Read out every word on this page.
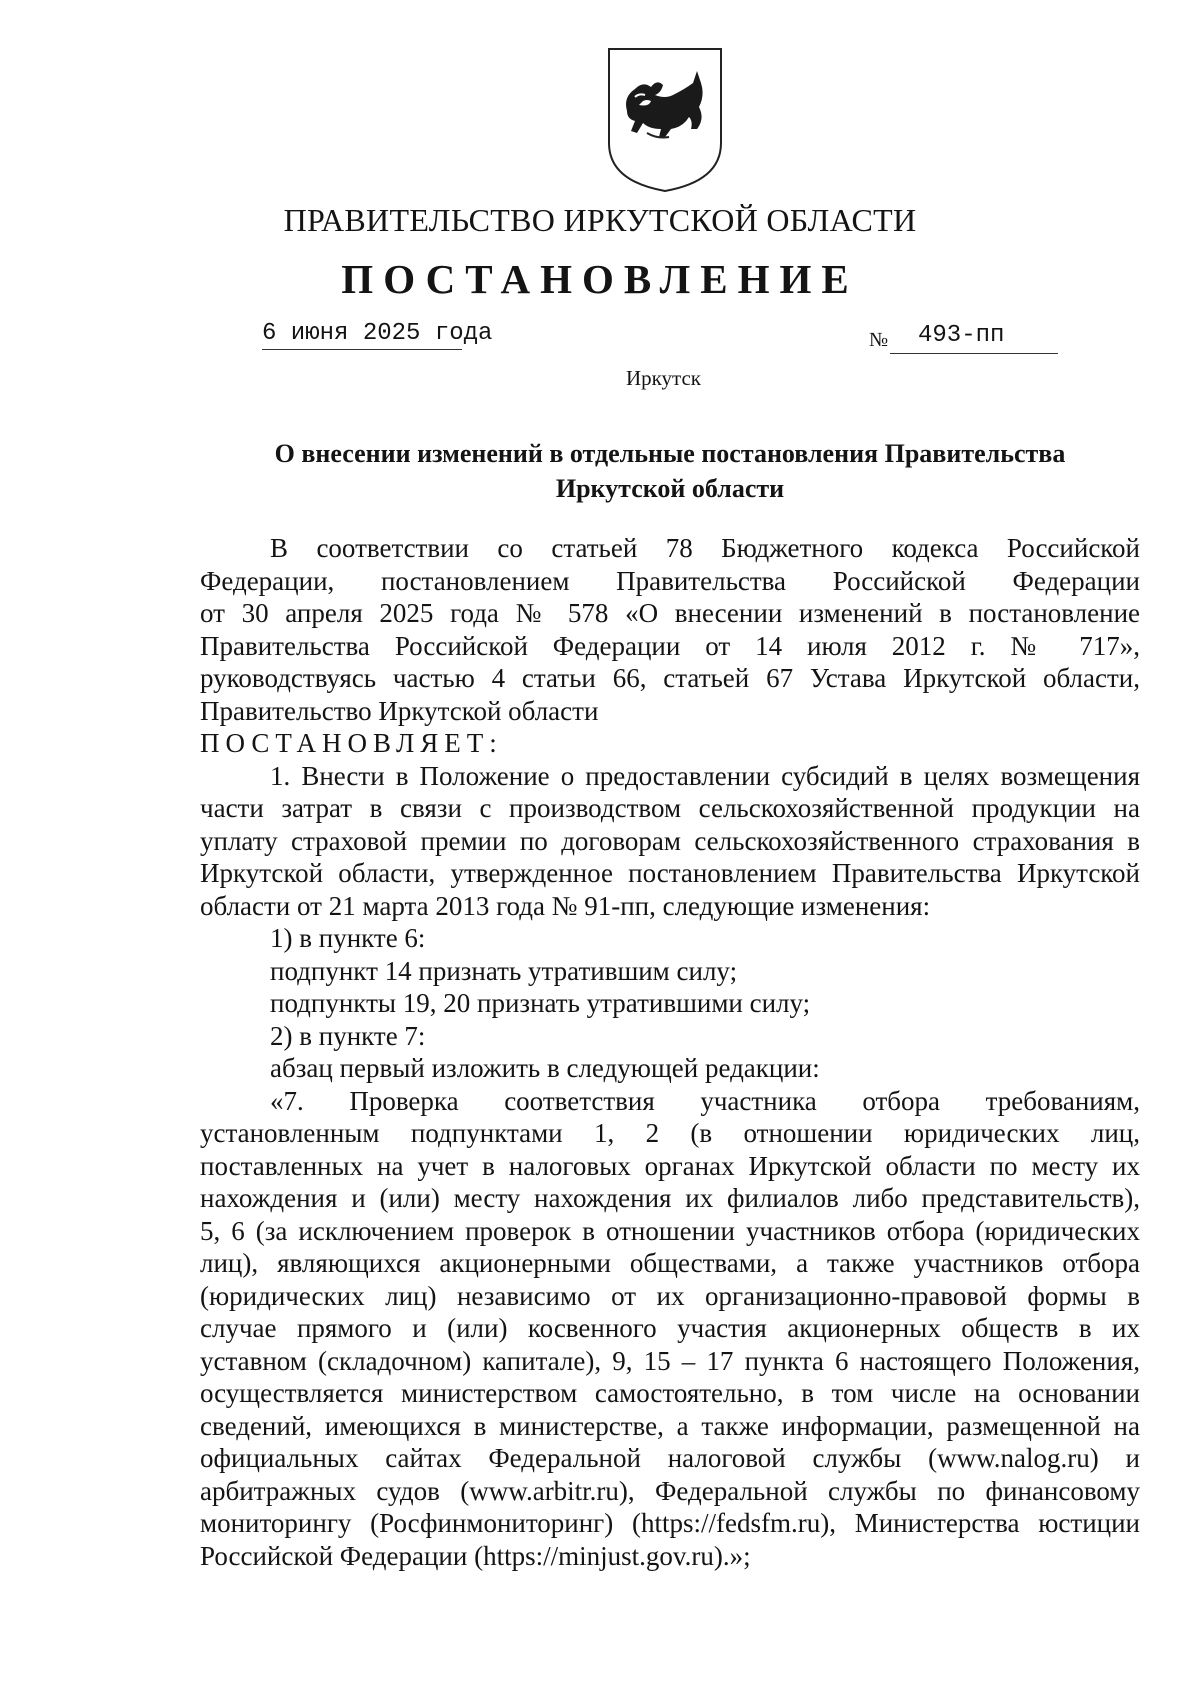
ПРАВИТЕЛЬСТВО ИРКУТСКОЙ ОБЛАСТИ
ПОСТАНОВЛЕНИЕ
6 июня 2025 года	№ 493-пп
Иркутск
О внесении изменений в отдельные постановления Правительства
Иркутской области

В соответствии со статьей 78 Бюджетного кодекса Российской

Федерации, постановлением Правительства Российской Федерации

от 30 апреля 2025 года № 578 «О внесении изменений в постановление

Правительства Российской Федерации от 14 июля 2012 г. № 717»,

руководствуясь частью 4 статьи 66, статьей 67 Устава Иркутской области,

Правительство Иркутской области

ПОСТАНОВЛЯЕТ:

1. Внести в Положение о предоставлении субсидий в целях возмещения

части затрат в связи с производством сельскохозяйственной продукции на

уплату страховой премии по договорам сельскохозяйственного страхования в

Иркутской области, утвержденное постановлением Правительства Иркутской

области от 21 марта 2013 года № 91-пп, следующие изменения:

1) в пункте 6:

подпункт 14 признать утратившим силу;

подпункты 19, 20 признать утратившими силу;

2) в пункте 7:

абзац первый изложить в следующей редакции:

«7. Проверка соответствия участника отбора требованиям,

установленным подпунктами 1, 2 (в отношении юридических лиц,

поставленных на учет в налоговых органах Иркутской области по месту их

нахождения и (или) месту нахождения их филиалов либо представительств),

5, 6 (за исключением проверок в отношении участников отбора (юридических

лиц), являющихся акционерными обществами, а также участников отбора

(юридических лиц) независимо от их организационно-правовой формы в

случае прямого и (или) косвенного участия акционерных обществ в их

уставном (складочном) капитале), 9, 15 – 17 пункта 6 настоящего Положения,

осуществляется министерством самостоятельно, в том числе на основании

сведений, имеющихся в министерстве, а также информации, размещенной на

официальных сайтах Федеральной налоговой службы (www.nalog.ru) и

арбитражных судов (www.arbitr.ru), Федеральной службы по финансовому

мониторингу (Росфинмониторинг) (https://fedsfm.ru), Министерства юстиции

Российской Федерации (https://minjust.gov.ru).»;
